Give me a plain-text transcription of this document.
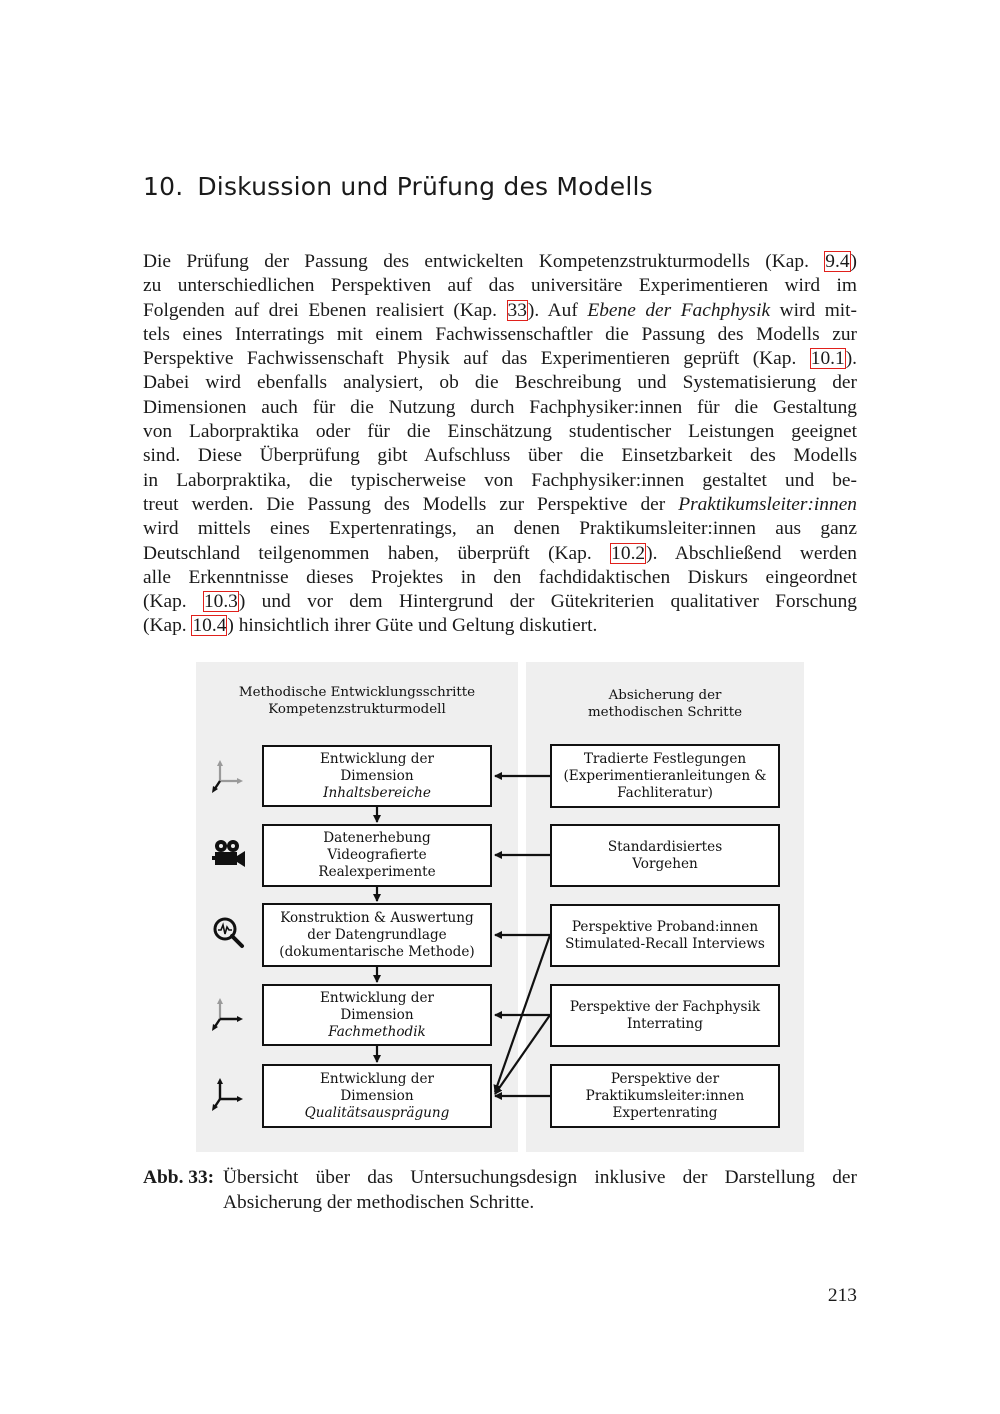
10. Diskussion und Prüfung des Modells
Die Prüfung der Passung des entwickelten Kompetenzstrukturmodells (Kap. 9.4)
zu unterschiedlichen Perspektiven auf das universitäre Experimentieren wird im
Folgenden auf drei Ebenen realisiert (Kap. 33). Auf Ebene der Fachphysik wird mit-
tels eines Interratings mit einem Fachwissenschaftler die Passung des Modells zur
Perspektive Fachwissenschaft Physik auf das Experimentieren geprüft (Kap. 10.1).
Dabei wird ebenfalls analysiert, ob die Beschreibung und Systematisierung der
Dimensionen auch für die Nutzung durch Fachphysiker:innen für die Gestaltung
von Laborpraktika oder für die Einschätzung studentischer Leistungen geeignet
sind. Diese Überprüfung gibt Aufschluss über die Einsetzbarkeit des Modells
in Laborpraktika, die typischerweise von Fachphysiker:innen gestaltet und be-
treut werden. Die Passung des Modells zur Perspektive der Praktikumsleiter:innen
wird mittels eines Expertenratings, an denen Praktikumsleiter:innen aus ganz
Deutschland teilgenommen haben, überprüft (Kap. 10.2). Abschließend werden
alle Erkenntnisse dieses Projektes in den fachdidaktischen Diskurs eingeordnet
(Kap. 10.3) und vor dem Hintergrund der Gütekriterien qualitativer Forschung
(Kap. 10.4) hinsichtlich ihrer Güte und Geltung diskutiert.
Methodische Entwicklungsschritte
Kompetenzstrukturmodell
Absicherung der
methodischen Schritte
Entwicklung der
Dimension
Inhaltsbereiche
Datenerhebung
Videografierte
Realexperimente
Konstruktion & Auswertung
der Datengrundlage
(dokumentarische Methode)
Entwicklung der
Dimension
Fachmethodik
Entwicklung der
Dimension
Qualitätsausprägung
Tradierte Festlegungen
(Experimentieranleitungen &
Fachliteratur)
Standardisiertes
Vorgehen
Perspektive Proband:innen
Stimulated-Recall Interviews
Perspektive der Fachphysik
Interrating
Perspektive der
Praktikumsleiter:innen
Expertenrating
Abb. 33: Übersicht über das Untersuchungsdesign inklusive der Darstellung der Absicherung der methodischen Schritte.
213
